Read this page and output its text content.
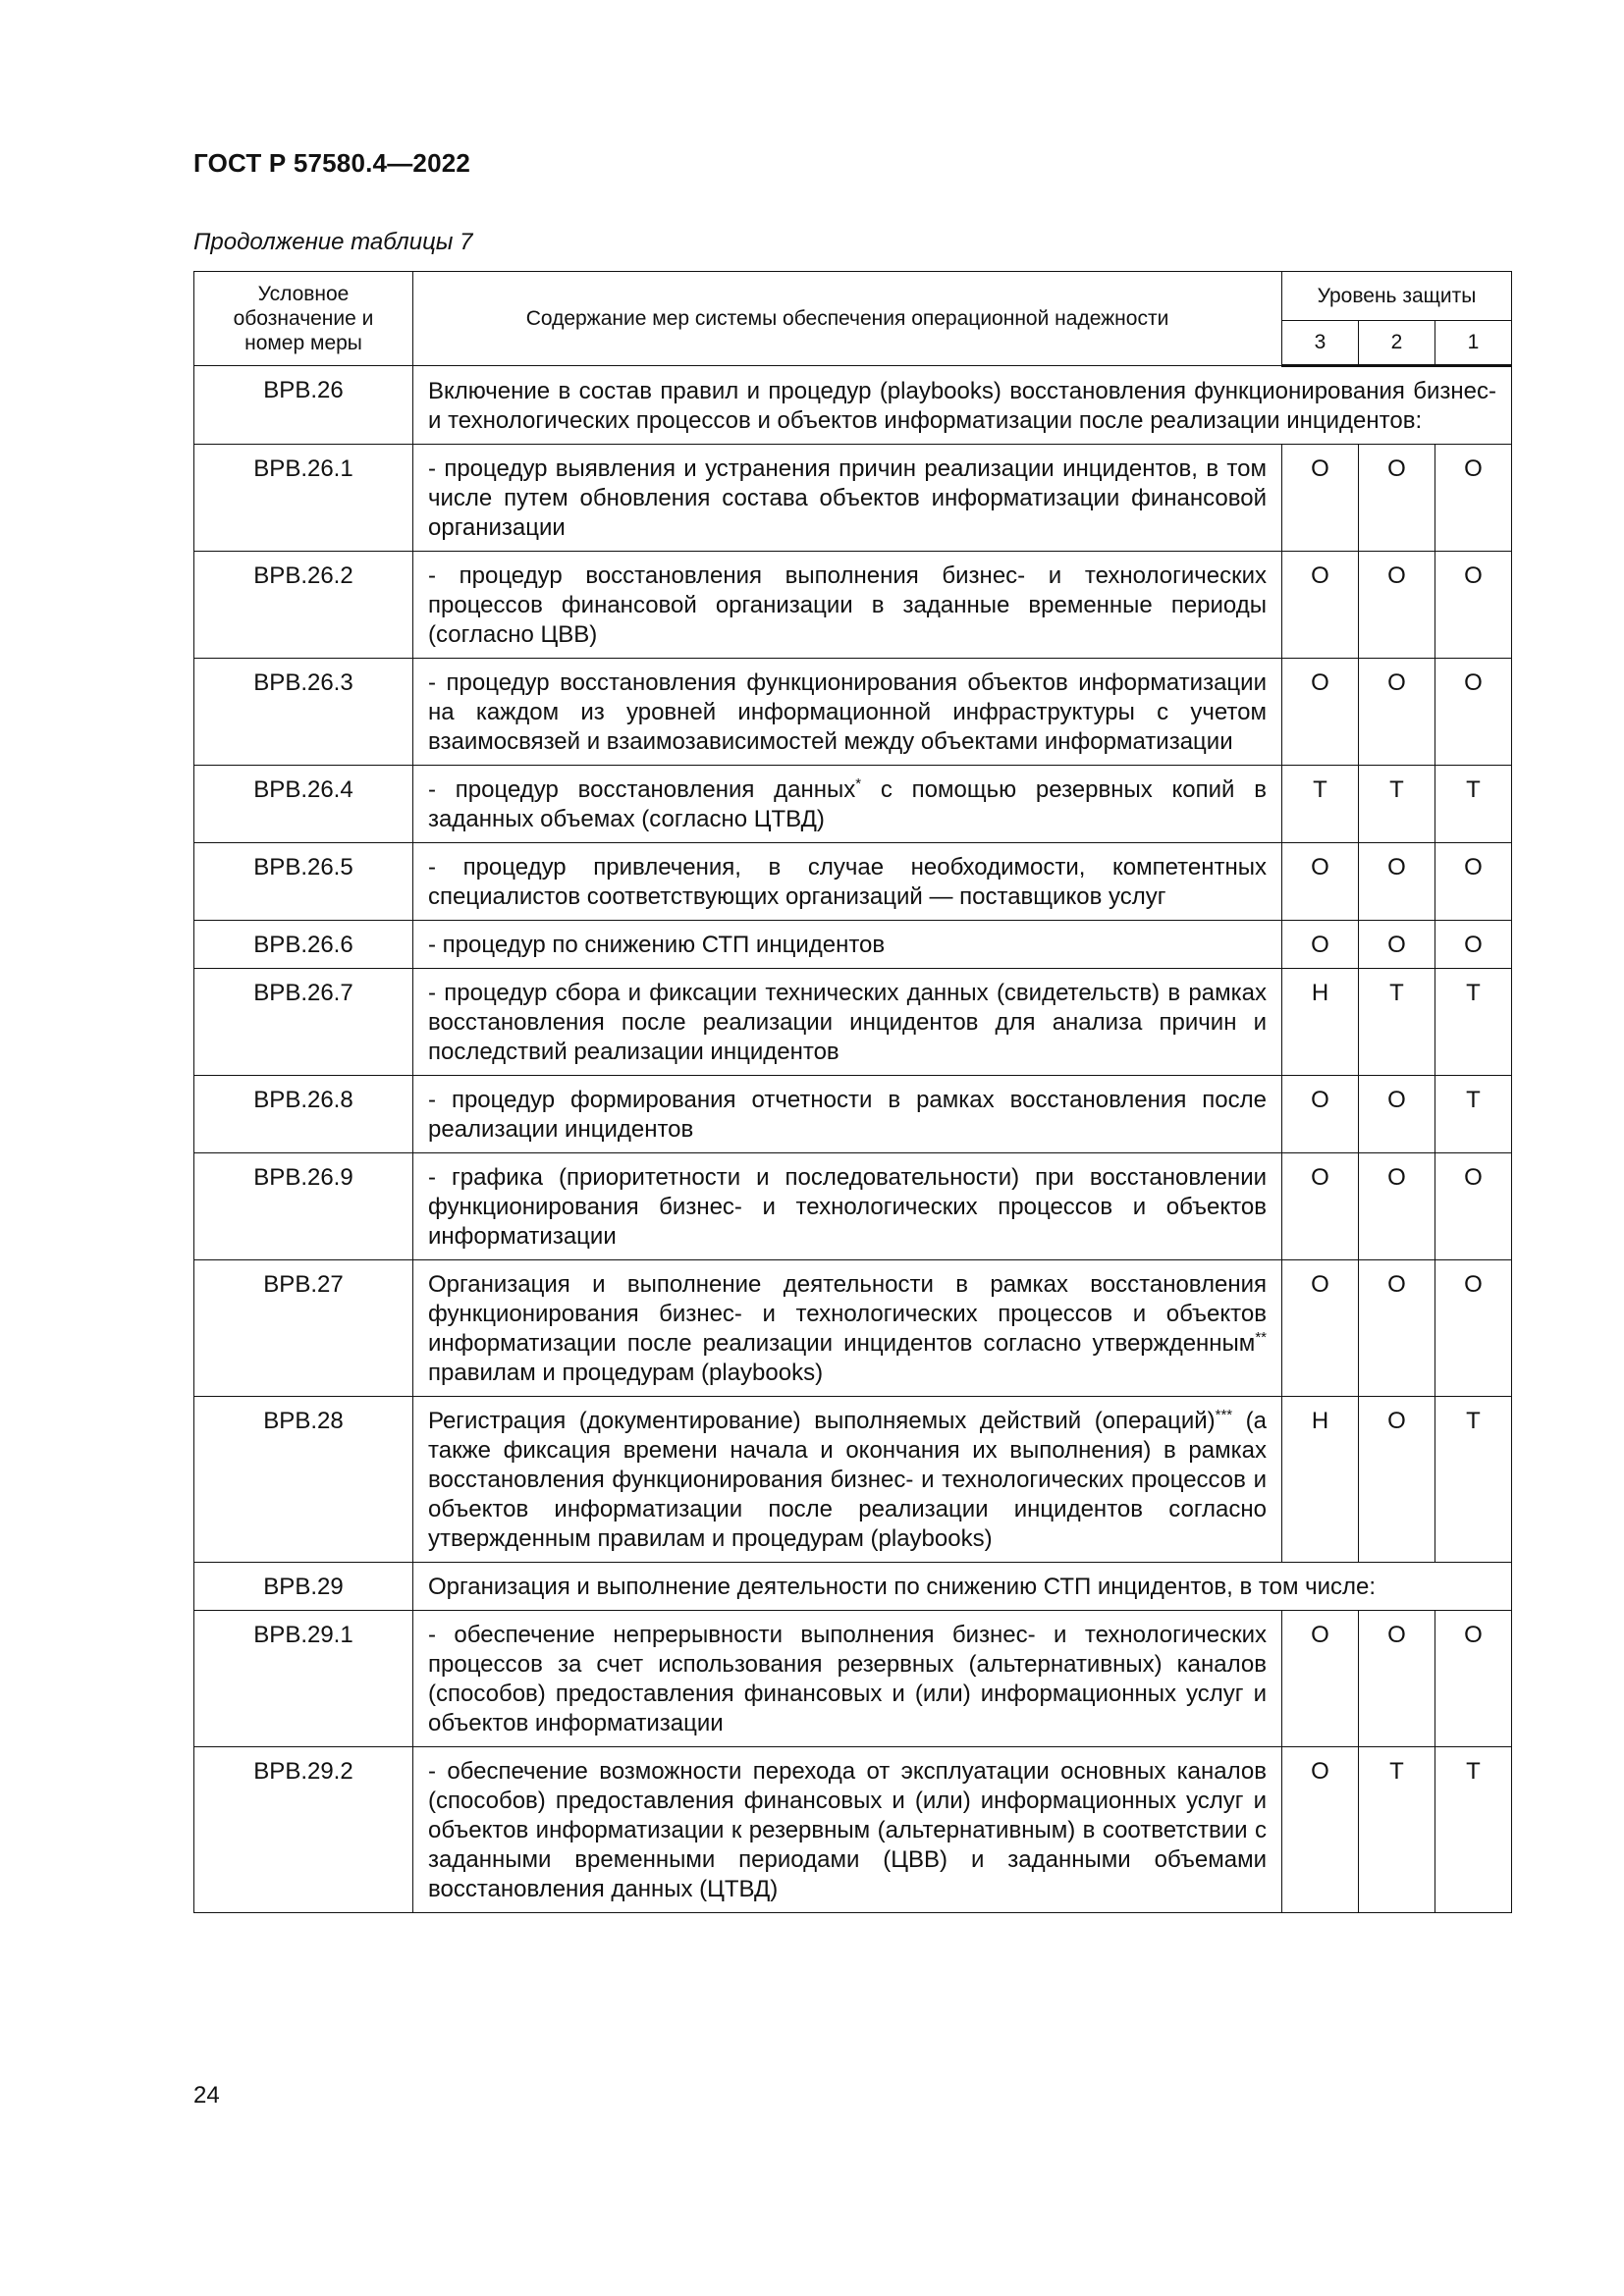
ГОСТ Р 57580.4—2022
Продолжение таблицы 7
Условное обозначение и номер меры	Содержание мер системы обеспечения операционной надежности	Уровень защиты		
		3	2	1
ВРВ.26	Включение в состав правил и процедур (playbooks) восстановления функционирования бизнес- и технологических процессов и объектов информатизации после реализации инцидентов:			
ВРВ.26.1	- процедур выявления и устранения причин реализации инцидентов, в том числе путем обновления состава объектов информатизации финансовой организации	О	О	О
ВРВ.26.2	- процедур восстановления выполнения бизнес- и технологических процессов финансовой организации в заданные временные периоды (согласно ЦВВ)	О	О	О
ВРВ.26.3	- процедур восстановления функционирования объектов информатизации на каждом из уровней информационной инфраструктуры с учетом взаимосвязей и взаимозависимостей между объектами информатизации	О	О	О
ВРВ.26.4	- процедур восстановления данных* с помощью резервных копий в заданных объемах (согласно ЦТВД)	Т	Т	Т
ВРВ.26.5	- процедур привлечения, в случае необходимости, компетентных специалистов соответствующих организаций — поставщиков услуг	О	О	О
ВРВ.26.6	- процедур по снижению СТП инцидентов	О	О	О
ВРВ.26.7	- процедур сбора и фиксации технических данных (свидетельств) в рамках восстановления после реализации инцидентов для анализа причин и последствий реализации инцидентов	Н	Т	Т
ВРВ.26.8	- процедур формирования отчетности в рамках восстановления после реализации инцидентов	О	О	Т
ВРВ.26.9	- графика (приоритетности и последовательности) при восстановлении функционирования бизнес- и технологических процессов и объектов информатизации	О	О	О
ВРВ.27	Организация и выполнение деятельности в рамках восстановления функционирования бизнес- и технологических процессов и объектов информатизации после реализации инцидентов согласно утвержденным** правилам и процедурам (playbooks)	О	О	О
ВРВ.28	Регистрация (документирование) выполняемых действий (операций)*** (а также фиксация времени начала и окончания их выполнения) в рамках восстановления функционирования бизнес- и технологических процессов и объектов информатизации после реализации инцидентов согласно утвержденным правилам и процедурам (playbooks)	Н	О	Т
ВРВ.29	Организация и выполнение деятельности по снижению СТП инцидентов, в том числе:			
ВРВ.29.1	- обеспечение непрерывности выполнения бизнес- и технологических процессов за счет использования резервных (альтернативных) каналов (способов) предоставления финансовых и (или) информационных услуг и объектов информатизации	О	О	О
ВРВ.29.2	- обеспечение возможности перехода от эксплуатации основных каналов (способов) предоставления финансовых и (или) информационных услуг и объектов информатизации к резервным (альтернативным) в соответствии с заданными временными периодами (ЦВВ) и заданными объемами восстановления данных (ЦТВД)	О	Т	Т
24
